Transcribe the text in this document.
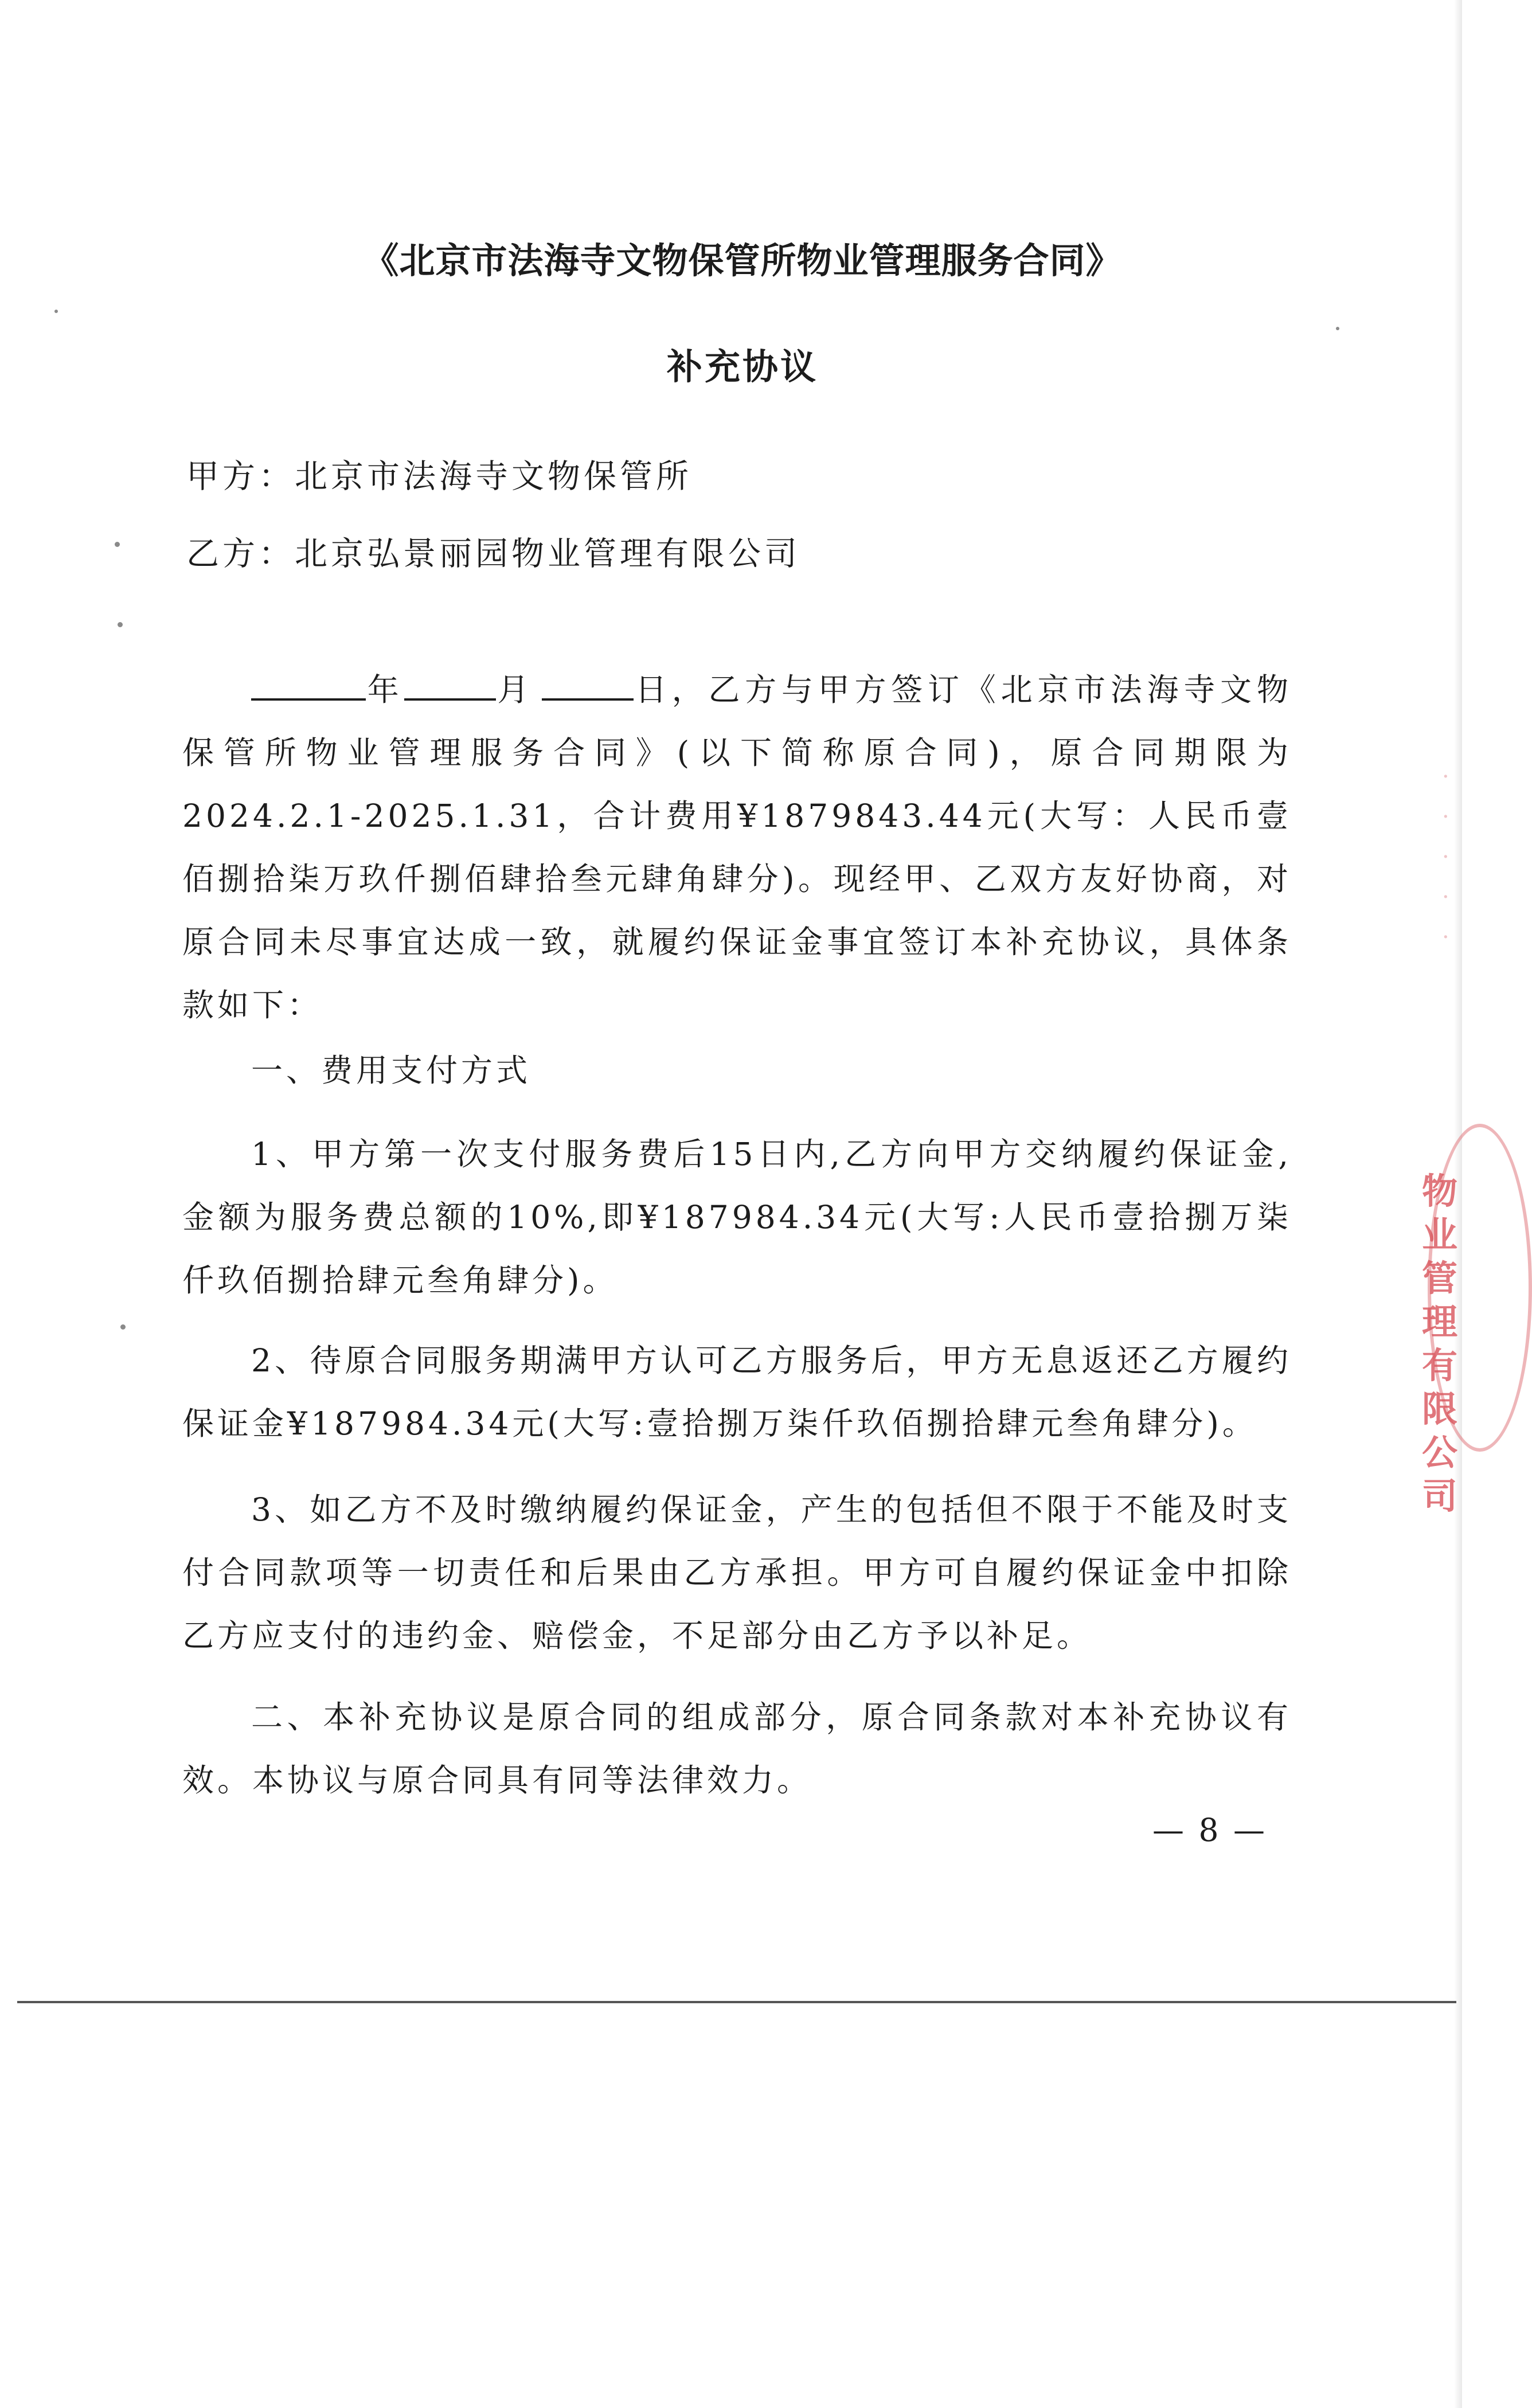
《北京市法海寺文物保管所物业管理服务合同》
补充协议
甲方：北京市法海寺文物保管所
乙方：北京弘景丽园物业管理有限公司

年	月	日，乙方与甲方签订《北京市法海寺文物保管所物业管理服务合同》(以下简称原合同)，原合同期限为2024.2.1-2025.1.31，合计费用¥1879843.44元(大写：人民币壹佰捌拾柒万玖仟捌佰肆拾叁元肆角肆分)。现经甲、乙双方友好协商，对原合同未尽事宜达成一致，就履约保证金事宜签订本补充协议，具体条款如下：

一、费用支付方式

1、甲方第一次支付服务费后15日内,乙方向甲方交纳履约保证金,金额为服务费总额的10%,即¥187984.34元(大写:人民币壹拾捌万柒仟玖佰捌拾肆元叁角肆分)。

2、待原合同服务期满甲方认可乙方服务后，甲方无息返还乙方履约保证金¥187984.34元(大写:壹拾捌万柒仟玖佰捌拾肆元叁角肆分)。

3、如乙方不及时缴纳履约保证金，产生的包括但不限于不能及时支付合同款项等一切责任和后果由乙方承担。甲方可自履约保证金中扣除乙方应支付的违约金、赔偿金，不足部分由乙方予以补足。

二、本补充协议是原合同的组成部分，原合同条款对本补充协议有效。本协议与原合同具有同等法律效力。

— 8 —
物业管理有限公司
·
·
·
·
·
